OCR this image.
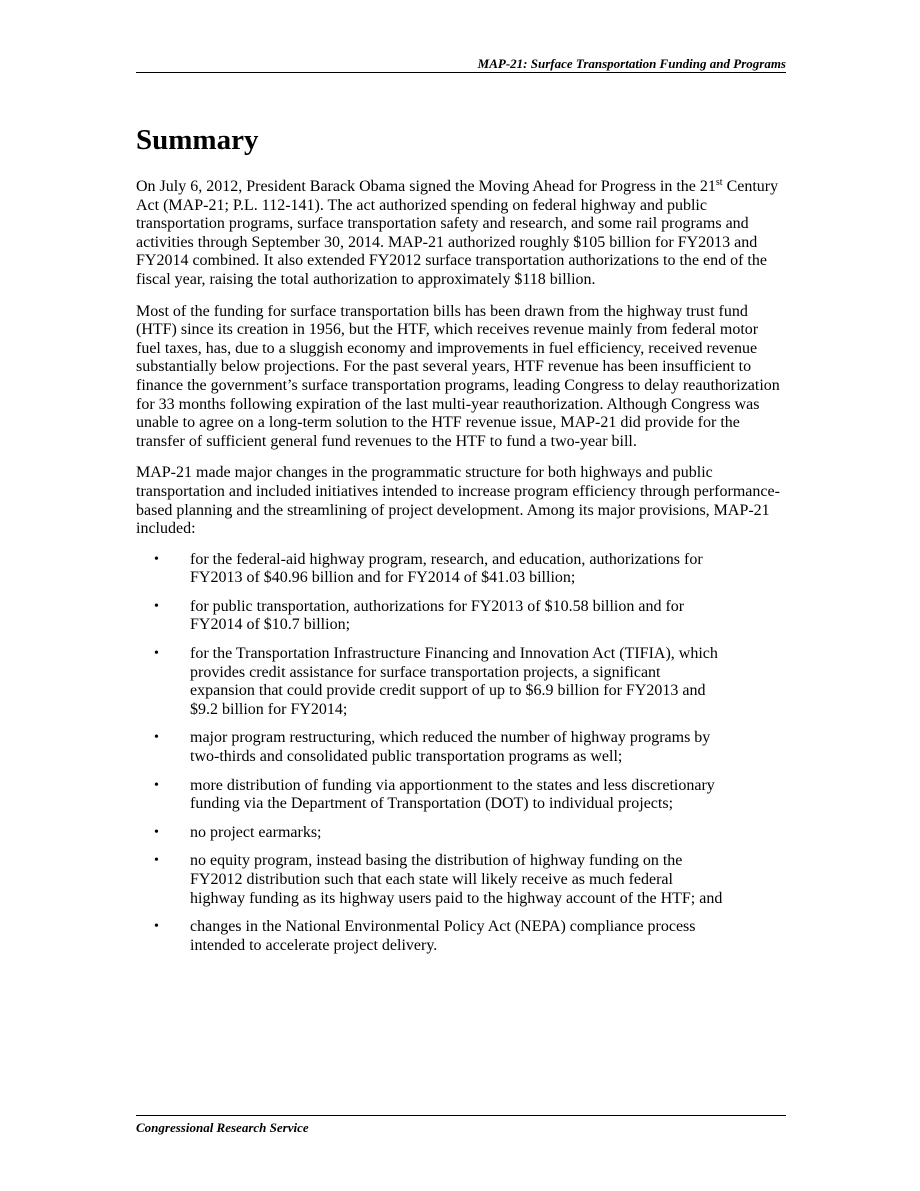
MAP-21: Surface Transportation Funding and Programs
Summary

On July 6, 2012, President Barack Obama signed the Moving Ahead for Progress in the 21st Century Act (MAP-21; P.L. 112-141). The act authorized spending on federal highway and public transportation programs, surface transportation safety and research, and some rail programs and activities through September 30, 2014. MAP-21 authorized roughly $105 billion for FY2013 and FY2014 combined. It also extended FY2012 surface transportation authorizations to the end of the fiscal year, raising the total authorization to approximately $118 billion.

Most of the funding for surface transportation bills has been drawn from the highway trust fund (HTF) since its creation in 1956, but the HTF, which receives revenue mainly from federal motor fuel taxes, has, due to a sluggish economy and improvements in fuel efficiency, received revenue substantially below projections. For the past several years, HTF revenue has been insufficient to finance the government’s surface transportation programs, leading Congress to delay reauthorization for 33 months following expiration of the last multi-year reauthorization. Although Congress was unable to agree on a long-term solution to the HTF revenue issue, MAP-21 did provide for the transfer of sufficient general fund revenues to the HTF to fund a two-year bill.

MAP-21 made major changes in the programmatic structure for both highways and public transportation and included initiatives intended to increase program efficiency through performance-based planning and the streamlining of project development. Among its major provisions, MAP-21 included:

• for the federal-aid highway program, research, and education, authorizations for FY2013 of $40.96 billion and for FY2014 of $41.03 billion;
• for public transportation, authorizations for FY2013 of $10.58 billion and for FY2014 of $10.7 billion;
• for the Transportation Infrastructure Financing and Innovation Act (TIFIA), which provides credit assistance for surface transportation projects, a significant expansion that could provide credit support of up to $6.9 billion for FY2013 and $9.2 billion for FY2014;
• major program restructuring, which reduced the number of highway programs by two-thirds and consolidated public transportation programs as well;
• more distribution of funding via apportionment to the states and less discretionary funding via the Department of Transportation (DOT) to individual projects;
• no project earmarks;
• no equity program, instead basing the distribution of highway funding on the FY2012 distribution such that each state will likely receive as much federal highway funding as its highway users paid to the highway account of the HTF; and
• changes in the National Environmental Policy Act (NEPA) compliance process intended to accelerate project delivery.
Congressional Research Service
